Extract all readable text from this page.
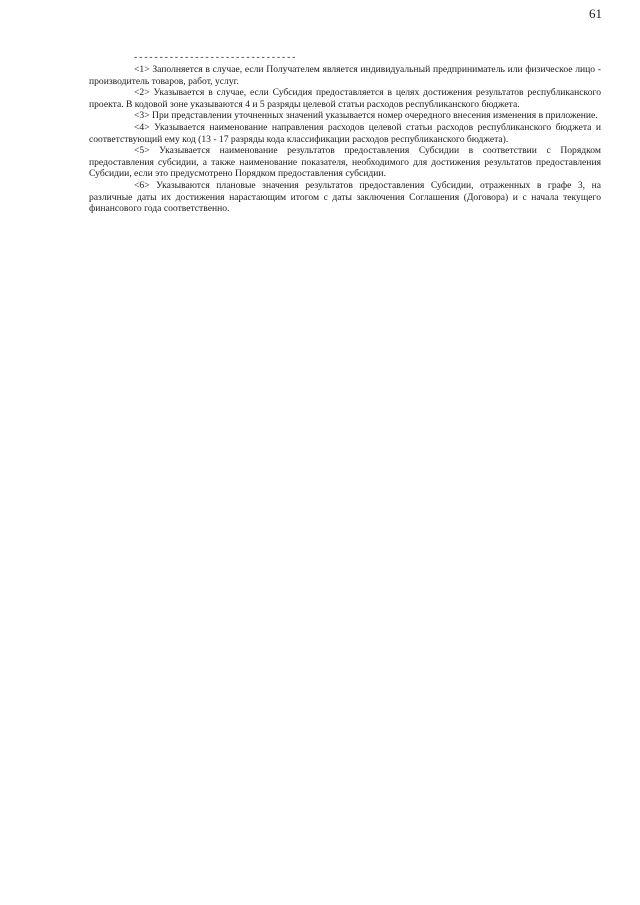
61
--------------------------------

<1> Заполняется в случае, если Получателем является индивидуальный предприниматель или физическое лицо - производитель товаров, работ, услуг.

<2> Указывается в случае, если Субсидия предоставляется в целях достижения результатов республиканского проекта. В кодовой зоне указываются 4 и 5 разряды целевой статьи расходов республиканского бюджета.

<3> При представлении уточненных значений указывается номер очередного внесения изменения в приложение.

<4> Указывается наименование направления расходов целевой статьи расходов республиканского бюджета и соответствующий ему код (13 - 17 разряды кода классификации расходов республиканского бюджета).

<5> Указывается наименование результатов предоставления Субсидии в соответствии с Порядком предоставления субсидии, а также наименование показателя, необходимого для достижения результатов предоставления Субсидии, если это предусмотрено Порядком предоставления субсидии.

<6> Указываются плановые значения результатов предоставления Субсидии, отраженных в графе 3, на различные даты их достижения нарастающим итогом с даты заключения Соглашения (Договора) и с начала текущего финансового года соответственно.
